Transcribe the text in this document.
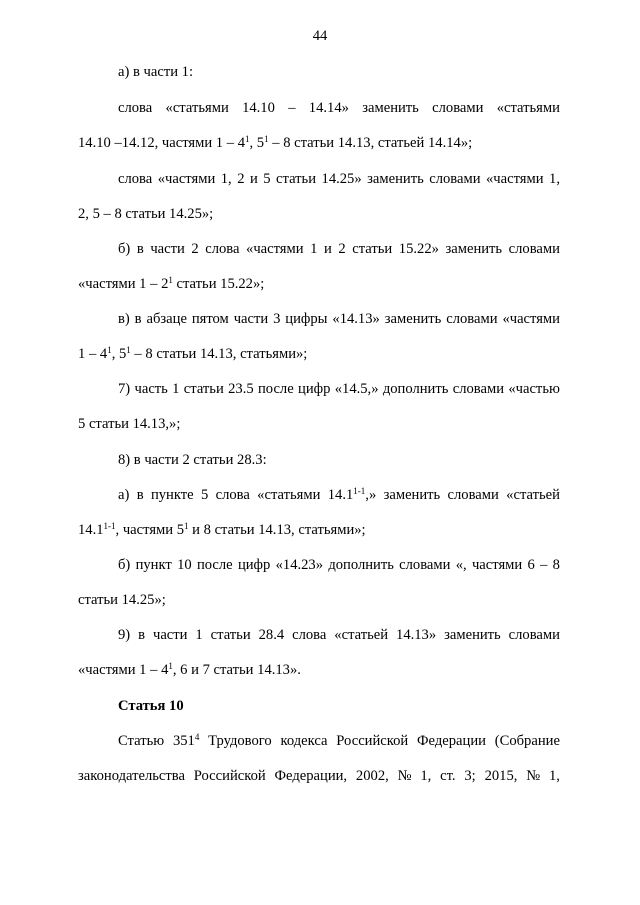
44
а) в части 1:
слова «статьями 14.10 – 14.14» заменить словами «статьями
14.10 –14.12, частями $1 - 4^1$, $5^1 - 8$ статьи 14.13, статьей 14.14»;
слова «частями 1, 2 и 5 статьи 14.25» заменить словами «частями 1,
2, 5 – 8 статьи 14.25»;
б) в части 2 слова «частями 1 и 2 статьи 15.22» заменить словами
«частями $1 - 2^1$ статьи 15.22»;
в) в абзаце пятом части 3 цифры «14.13» заменить словами «частями
$1 - 4^1$, $5^1 - 8$ статьи 14.13, статьями»;
7) часть 1 статьи 23.5 после цифр «14.5,» дополнить словами «частью
5 статьи 14.13,»;
8) в части 2 статьи 28.3:
а) в пункте 5 слова «статьями 14.1$^{1-1}$,» заменить словами «статьей
14.1$^{1-1}$, частями $5^1$ и 8 статьи 14.13, статьями»;
б) пункт 10 после цифр «14.23» дополнить словами «, частями 6 – 8
статьи 14.25»;
9) в части 1 статьи 28.4 слова «статьей 14.13» заменить словами
«частями $1 - 4^1$, 6 и 7 статьи 14.13».
Статья 10
Статью $351^4$ Трудового кодекса Российской Федерации (Собрание
законодательства Российской Федерации, 2002, № 1, ст. 3; 2015, № 1,
